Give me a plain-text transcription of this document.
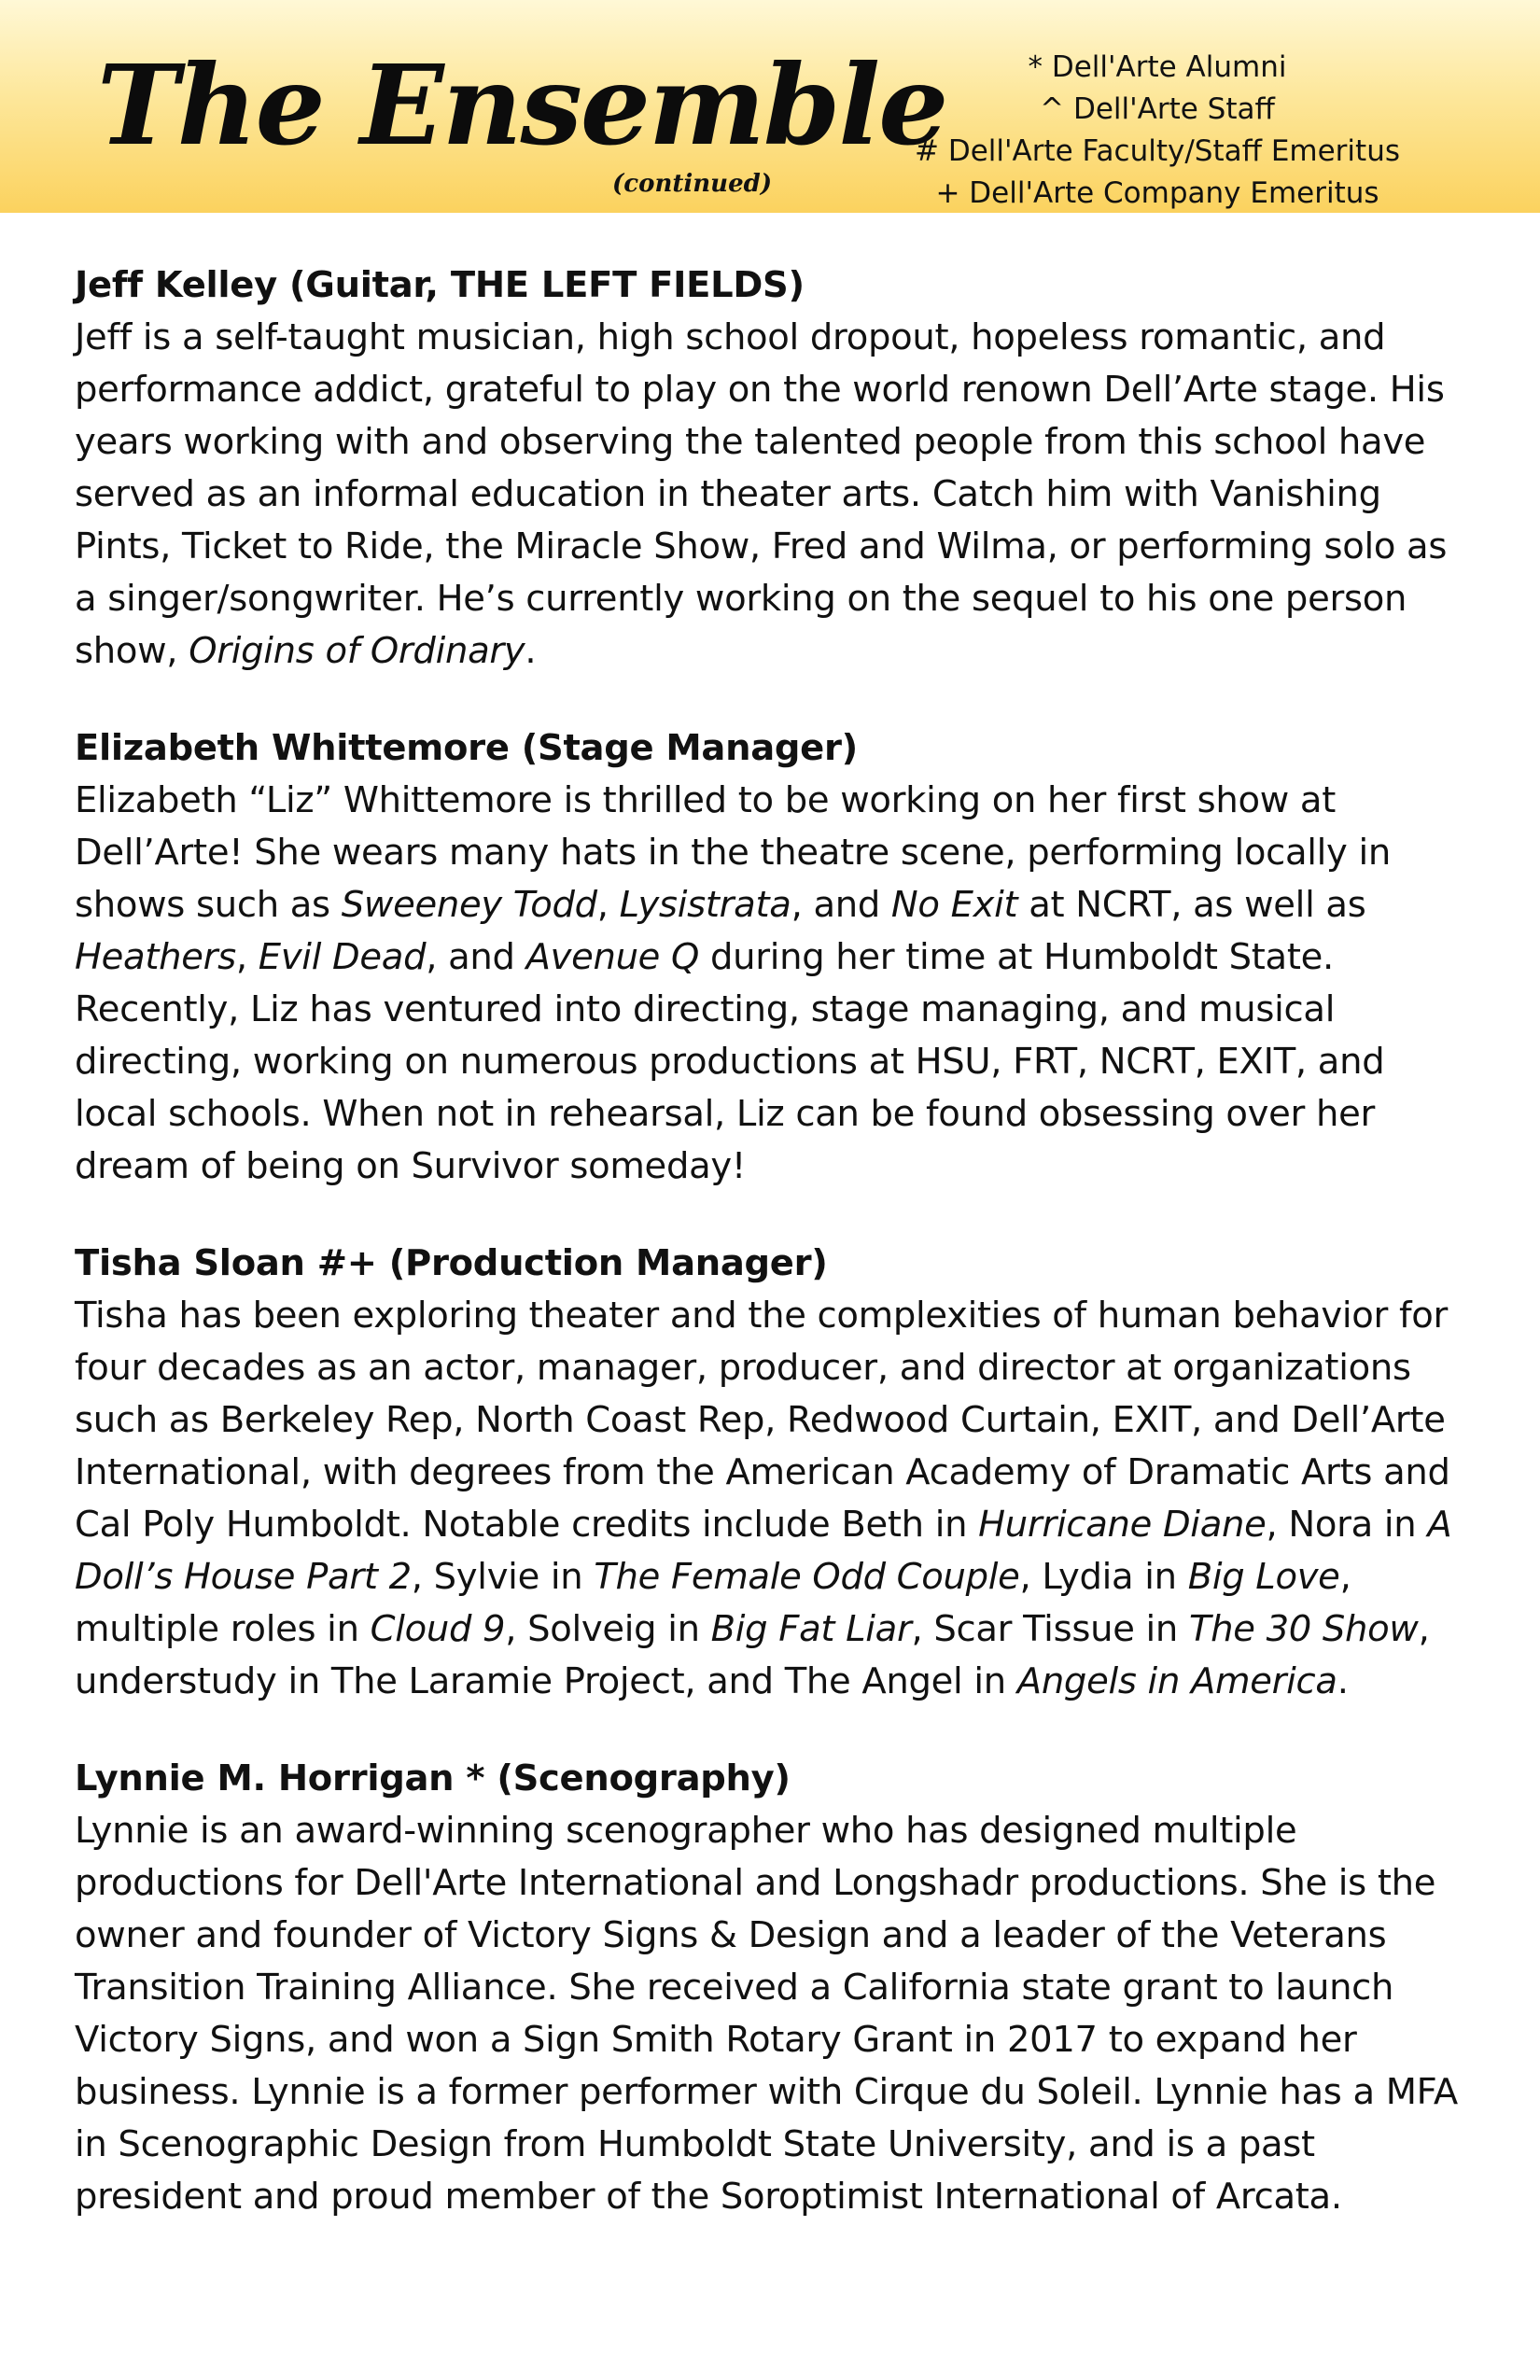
The Ensemble
(continued)
* Dell'Arte Alumni
^ Dell'Arte Staff
# Dell'Arte Faculty/Staff Emeritus
+ Dell'Arte Company Emeritus
Jeff Kelley (Guitar, THE LEFT FIELDS)

Jeff is a self-taught musician, high school dropout, hopeless romantic, and performance addict, grateful to play on the world renown Dell’Arte stage. His years working with and observing the talented people from this school have served as an informal education in theater arts. Catch him with Vanishing Pints, Ticket to Ride, the Miracle Show, Fred and Wilma, or performing solo as a singer/songwriter. He’s currently working on the sequel to his one person show, Origins of Ordinary.

Elizabeth Whittemore (Stage Manager)

Elizabeth “Liz” Whittemore is thrilled to be working on her first show at Dell’Arte! She wears many hats in the theatre scene, performing locally in shows such as Sweeney Todd, Lysistrata, and No Exit at NCRT, as well as Heathers, Evil Dead, and Avenue Q during her time at Humboldt State. Recently, Liz has ventured into directing, stage managing, and musical directing, working on numerous productions at HSU, FRT, NCRT, EXIT, and local schools. When not in rehearsal, Liz can be found obsessing over her dream of being on Survivor someday!

Tisha Sloan #+ (Production Manager)

Tisha has been exploring theater and the complexities of human behavior for four decades as an actor, manager, producer, and director at organizations such as Berkeley Rep, North Coast Rep, Redwood Curtain, EXIT, and Dell’Arte International, with degrees from the American Academy of Dramatic Arts and Cal Poly Humboldt. Notable credits include Beth in Hurricane Diane, Nora in A Doll’s House Part 2, Sylvie in The Female Odd Couple, Lydia in Big Love, multiple roles in Cloud 9, Solveig in Big Fat Liar, Scar Tissue in The 30 Show, understudy in The Laramie Project, and The Angel in Angels in America.

Lynnie M. Horrigan * (Scenography)

Lynnie is an award-winning scenographer who has designed multiple productions for Dell'Arte International and Longshadr productions. She is the owner and founder of Victory Signs & Design and a leader of the Veterans Transition Training Alliance. She received a California state grant to launch Victory Signs, and won a Sign Smith Rotary Grant in 2017 to expand her business. Lynnie is a former performer with Cirque du Soleil. Lynnie has a MFA in Scenographic Design from Humboldt State University, and is a past president and proud member of the Soroptimist International of Arcata.
